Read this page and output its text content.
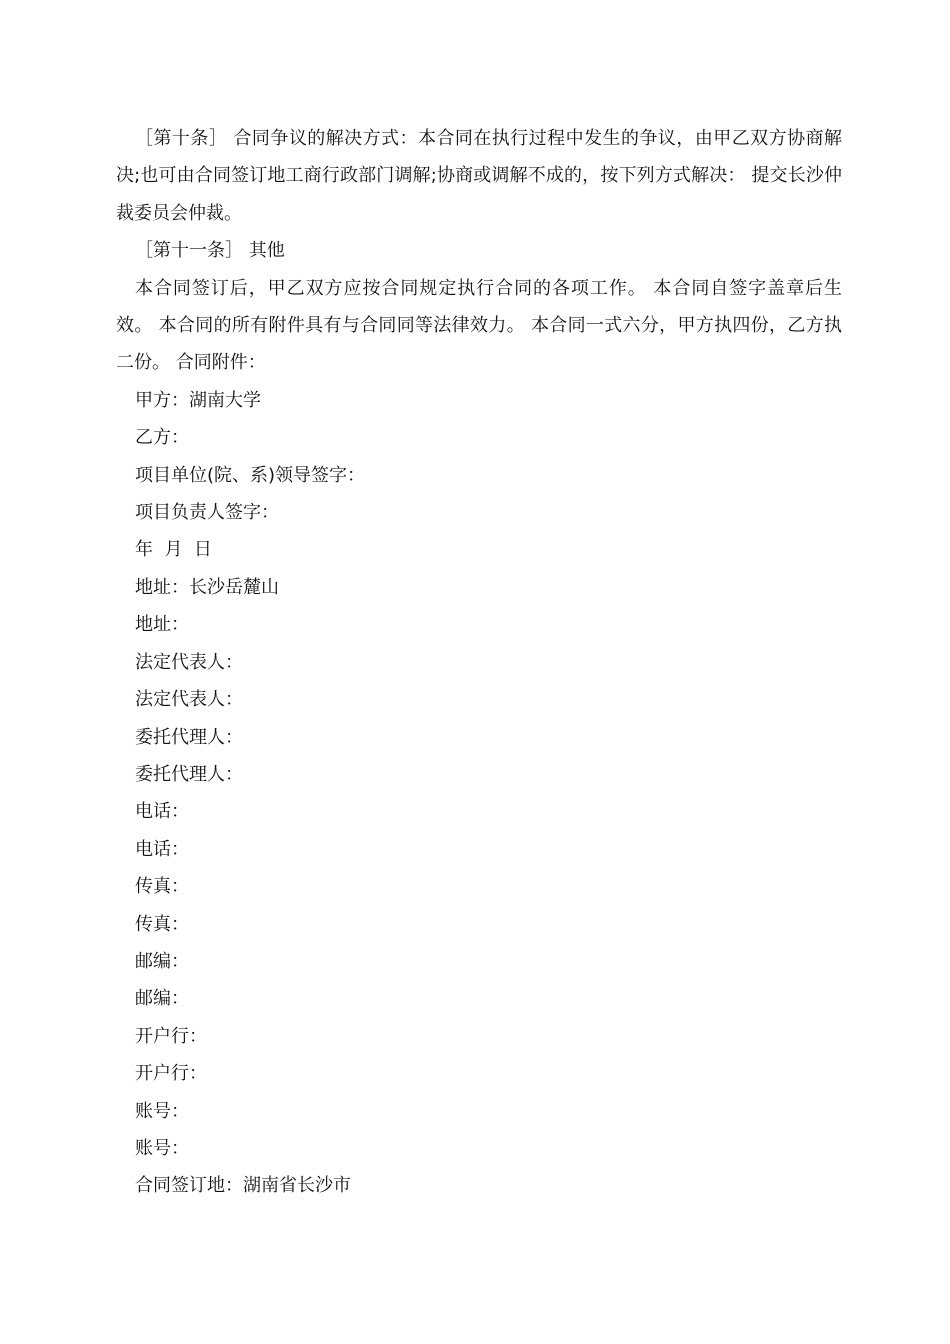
［第十条］ 合同争议的解决方式：本合同在执行过程中发生的争议，由甲乙双方协商解决;也可由合同签订地工商行政部门调解;协商或调解不成的，按下列方式解决： 提交长沙仲裁委员会仲裁。

［第十一条］ 其他

本合同签订后，甲乙双方应按合同规定执行合同的各项工作。 本合同自签字盖章后生效。 本合同的所有附件具有与合同同等法律效力。 本合同一式六分，甲方执四份，乙方执二份。 合同附件：

甲方：湖南大学

乙方：

项目单位(院、系)领导签字：

项目负责人签字：

年  月  日

地址：长沙岳麓山

地址：

法定代表人：

法定代表人：

委托代理人：

委托代理人：

电话：

电话：

传真：

传真：

邮编：

邮编：

开户行：

开户行：

账号：

账号：

合同签订地：湖南省长沙市
